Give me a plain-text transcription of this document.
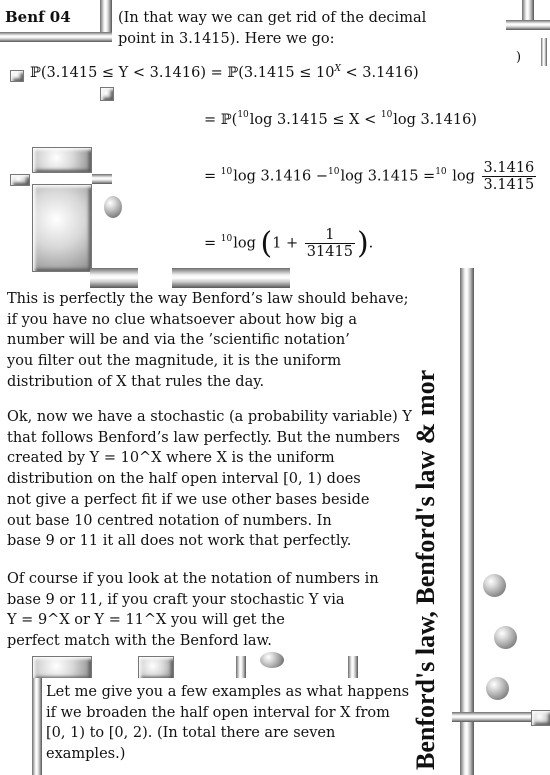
Benf 04	(In that way we can get rid of the decimal
point in 3.1415). Here we go:
)
ℙ(3.1415 ≤ Y < 3.1416) = ℙ(3.1415 ≤ $10^X < 3.1416$)
= ℙ($^{10}$log 3.1415 ≤ X < $^{10}$log 3.1416)
= $^{10}$log 3.1416 −$^{10}$log 3.1415 =$^{10}$ $\log \frac{3.1416}{3.1415}$
= $^{10}$log ($1 + \frac{1}{31415}$ ).
This is perfectly the way Benford’s law should behave;
if you have no clue whatsoever about how big a
number will be and via the ’scientific notation’
you filter out the magnitude, it is the uniform
distribution of X that rules the day.
Ok, now we have a stochastic (a probability variable) Y
that follows Benford’s law perfectly. But the numbers
created by Y = 10^X where X is the uniform
distribution on the half open interval [0, 1) does
not give a perfect fit if we use other bases beside
out base 10 centred notation of numbers. In
base 9 or 11 it all does not work that perfectly.
Of course if you look at the notation of numbers in
base 9 or 11, if you craft your stochastic Y via
Y = 9^X or Y = 11^X you will get the
perfect match with the Benford law.
Let me give you a few examples as what happens
if we broaden the half open interval for X from
[0, 1) to [0, 2). (In total there are seven
examples.)	Benford's law, Benford's law & mor
